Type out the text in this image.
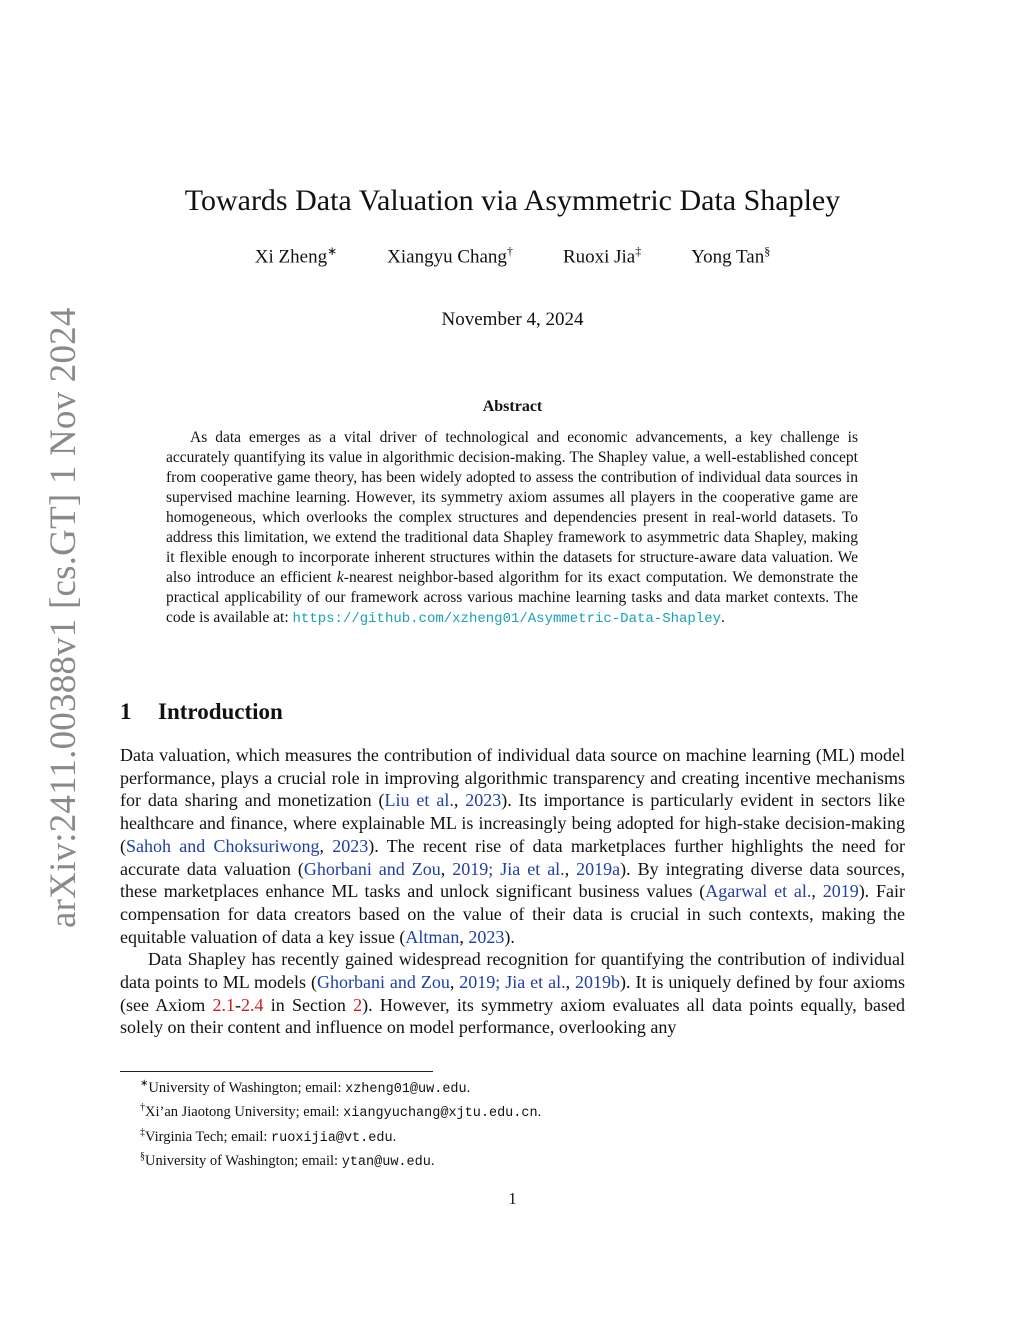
arXiv:2411.00388v1 [cs.GT] 1 Nov 2024
Towards Data Valuation via Asymmetric Data Shapley
Xi Zheng∗	Xiangyu Chang†	Ruoxi Jia‡	Yong Tan§
November 4, 2024
Abstract

As data emerges as a vital driver of technological and economic advancements, a key challenge is accurately quantifying its value in algorithmic decision-making. The Shapley value, a well-established concept from cooperative game theory, has been widely adopted to assess the contribution of individual data sources in supervised machine learning. However, its symmetry axiom assumes all players in the cooperative game are homogeneous, which overlooks the complex structures and dependencies present in real-world datasets. To address this limitation, we extend the traditional data Shapley framework to asymmetric data Shapley, making it flexible enough to incorporate inherent structures within the datasets for structure-aware data valuation. We also introduce an efficient k-nearest neighbor-based algorithm for its exact computation. We demonstrate the practical applicability of our framework across various machine learning tasks and data market contexts. The code is available at: https://github.com/xzheng01/Asymmetric-Data-Shapley.

1 Introduction

Data valuation, which measures the contribution of individual data source on machine learning (ML) model performance, plays a crucial role in improving algorithmic transparency and creating incentive mechanisms for data sharing and monetization (Liu et al., 2023). Its importance is particularly evident in sectors like healthcare and finance, where explainable ML is increasingly being adopted for high-stake decision-making (Sahoh and Choksuriwong, 2023). The recent rise of data marketplaces further highlights the need for accurate data valuation (Ghorbani and Zou, 2019; Jia et al., 2019a). By integrating diverse data sources, these marketplaces enhance ML tasks and unlock significant business values (Agarwal et al., 2019). Fair compensation for data creators based on the value of their data is crucial in such contexts, making the equitable valuation of data a key issue (Altman, 2023).

Data Shapley has recently gained widespread recognition for quantifying the contribution of individual data points to ML models (Ghorbani and Zou, 2019; Jia et al., 2019b). It is uniquely defined by four axioms (see Axiom 2.1-2.4 in Section 2). However, its symmetry axiom evaluates all data points equally, based solely on their content and influence on model performance, overlooking any

∗University of Washington; email: xzheng01@uw.edu.
†Xi’an Jiaotong University; email: xiangyuchang@xjtu.edu.cn.
‡Virginia Tech; email: ruoxijia@vt.edu.
§University of Washington; email: ytan@uw.edu.
1
